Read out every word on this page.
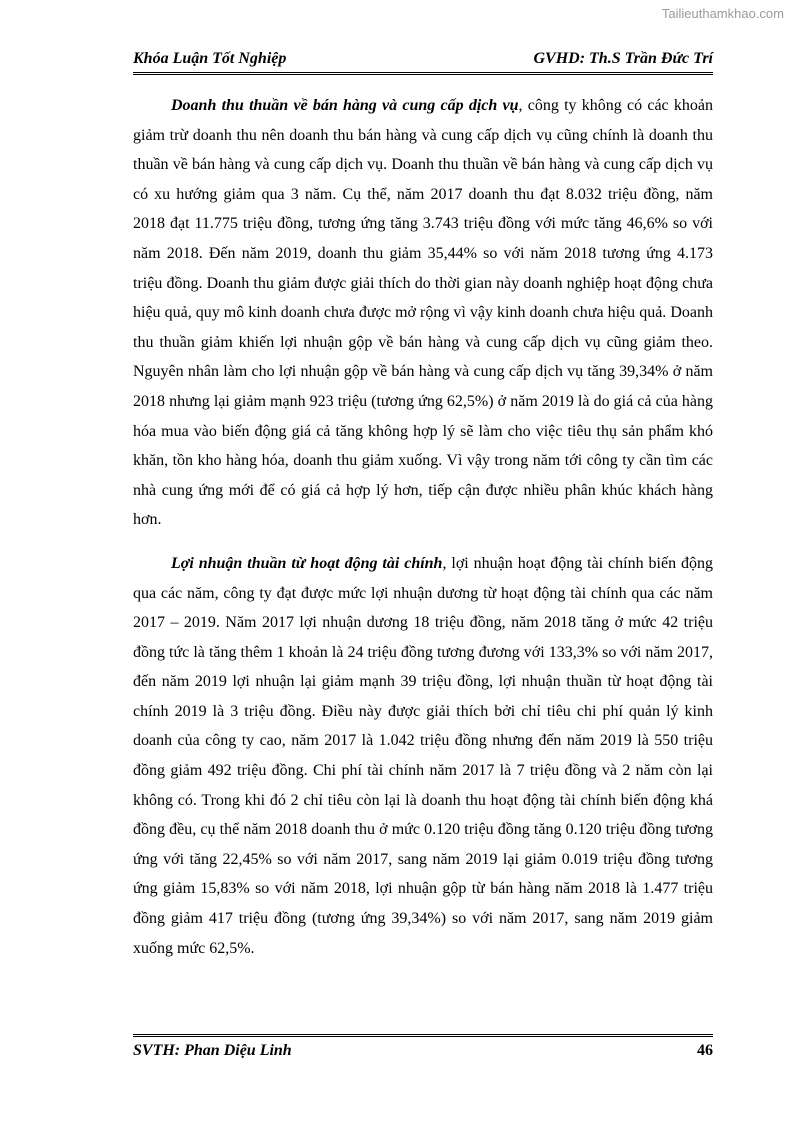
Tailieuthamkhao.com
Khóa Luận Tốt Nghiệp	GVHD: Th.S Trần Đức Trí

Doanh thu thuần về bán hàng và cung cấp dịch vụ, công ty không có các khoản giảm trừ doanh thu nên doanh thu bán hàng và cung cấp dịch vụ cũng chính là doanh thu thuần về bán hàng và cung cấp dịch vụ. Doanh thu thuần về bán hàng và cung cấp dịch vụ có xu hướng giảm qua 3 năm. Cụ thể, năm 2017 doanh thu đạt 8.032 triệu đồng, năm 2018 đạt 11.775 triệu đồng, tương ứng tăng 3.743 triệu đồng với mức tăng 46,6% so với năm 2018. Đến năm 2019, doanh thu giảm 35,44% so với năm 2018 tương ứng 4.173 triệu đồng. Doanh thu giảm được giải thích do thời gian này doanh nghiệp hoạt động chưa hiệu quả, quy mô kinh doanh chưa được mở rộng vì vậy kinh doanh chưa hiệu quả. Doanh thu thuần giảm khiến lợi nhuận gộp về bán hàng và cung cấp dịch vụ cũng giảm theo. Nguyên nhân làm cho lợi nhuận gộp về bán hàng và cung cấp dịch vụ tăng 39,34% ở năm 2018 nhưng lại giảm mạnh 923 triệu (tương ứng 62,5%) ở năm 2019 là do giá cả của hàng hóa mua vào biến động giá cả tăng không hợp lý sẽ làm cho việc tiêu thụ sản phẩm khó khăn, tồn kho hàng hóa, doanh thu giảm xuống. Vì vậy trong năm tới công ty cần tìm các nhà cung ứng mới để có giá cả hợp lý hơn, tiếp cận được nhiều phân khúc khách hàng hơn.

Lợi nhuận thuần từ hoạt động tài chính, lợi nhuận hoạt động tài chính biến động qua các năm, công ty đạt được mức lợi nhuận dương từ hoạt động tài chính qua các năm 2017 – 2019. Năm 2017 lợi nhuận dương 18 triệu đồng, năm 2018 tăng ở mức 42 triệu đồng tức là tăng thêm 1 khoản là 24 triệu đồng tương đương với 133,3% so với năm 2017, đến năm 2019 lợi nhuận lại giảm mạnh 39 triệu đồng, lợi nhuận thuần từ hoạt động tài chính 2019 là 3 triệu đồng. Điều này được giải thích bởi chỉ tiêu chi phí quản lý kinh doanh của công ty cao, năm 2017 là 1.042 triệu đồng nhưng đến năm 2019 là 550 triệu đồng giảm 492 triệu đồng. Chi phí tài chính năm 2017 là 7 triệu đồng và 2 năm còn lại không có. Trong khi đó 2 chỉ tiêu còn lại là doanh thu hoạt động tài chính biến động khá đồng đều, cụ thể năm 2018 doanh thu ở mức 0.120 triệu đồng tăng 0.120 triệu đồng tương ứng với tăng 22,45% so với năm 2017, sang năm 2019 lại giảm 0.019 triệu đồng tương ứng giảm 15,83% so với năm 2018, lợi nhuận gộp từ bán hàng năm 2018 là 1.477 triệu đồng giảm 417 triệu đồng (tương ứng 39,34%) so với năm 2017, sang năm 2019 giảm xuống mức 62,5%.

SVTH: Phan Diệu Linh	46
